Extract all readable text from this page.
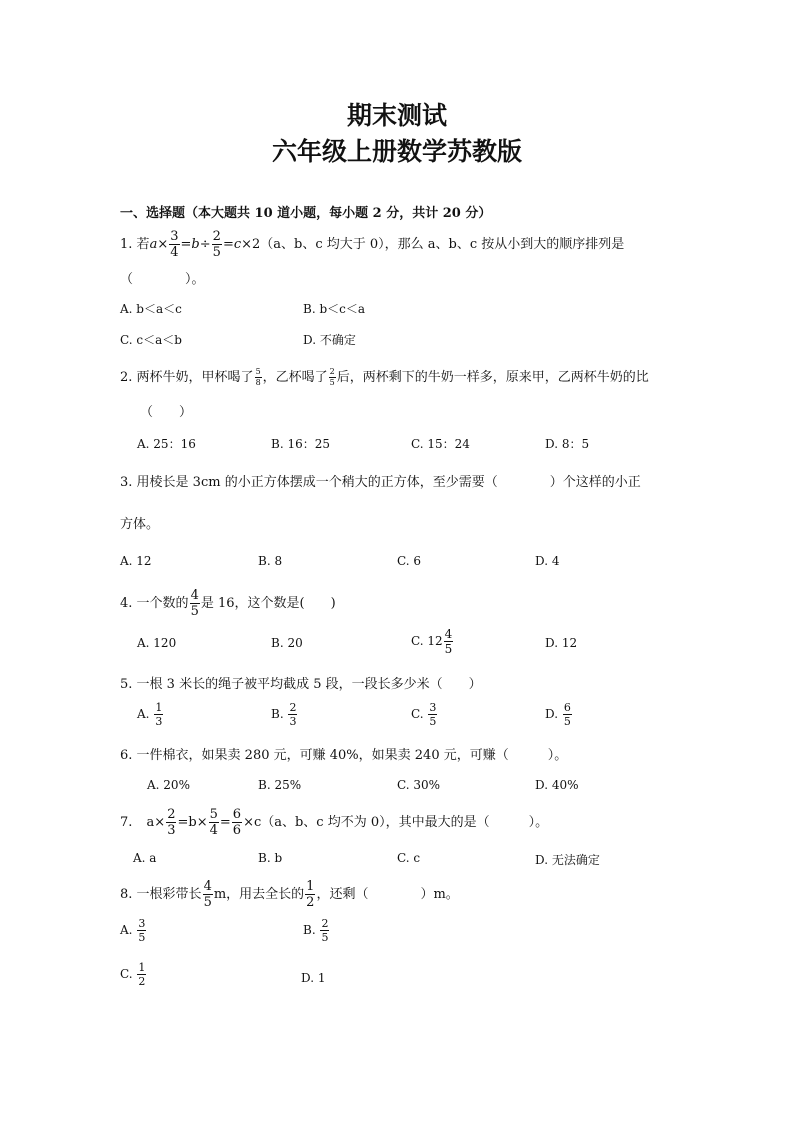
期末测试
六年级上册数学苏教版
一、选择题（本大题共 10 道小题，每小题 2 分，共计 20 分）
1. 若$a\times \frac{3}{4} =b\div \frac{2}{5} =c\times 2(a$、b、c 均大于 0），那么 a、b、c 按从小到大的顺序排列是
（　　　　）。
A. b＜a＜c	B. b＜c＜a
C. c＜a＜b	D. 不确定
2. 两杯牛奶，甲杯喝了 $\frac{5}{8}$ ，乙杯喝了 $\frac{2}{5}$ 后，两杯剩下的牛奶一样多，原来甲，乙两杯牛奶的比
（　　）
A. 25：16	B. 16：25	C. 15：24	D. 8：5
3. 用棱长是 3cm 的小正方体摆成一个稍大的正方体，至少需要（　　　　）个这样的小正
方体。
A. 12	B. 8	C. 6	D. 4
4. 一个数的 $\frac{4}{5}$ 是 16，这个数是(　　)
A. 120	B. 20	C. $12 \frac{4}{5}$	D. 12
5. 一根 3 米长的绳子被平均截成 5 段，一段长多少米（　　）
A. $\frac{1}{3}$	B. $\frac{2}{3}$	C. $\frac{3}{5}$	D. $\frac{6}{5}$
6. 一件棉衣，如果卖 280 元，可赚 40%，如果卖 240 元，可赚（　　　）。
A. 20%	B. 25%	C. 30%	D. 40%
7. $a\times \frac{2}{3} =b\times \frac{5}{4} = \frac{6}{6} \times c(a$、b、c 均不为 0），其中最大的是（　　　）。
A. a	B. b	C. c	D. 无法确定
8. 一根彩带长 $\frac{4}{5}$ m，用去全长的 $\frac{1}{2}$ ，还剩（　　　　）m。
A. $\frac{3}{5}$	B. $\frac{2}{5}$
C. $\frac{1}{2}$	D. 1
